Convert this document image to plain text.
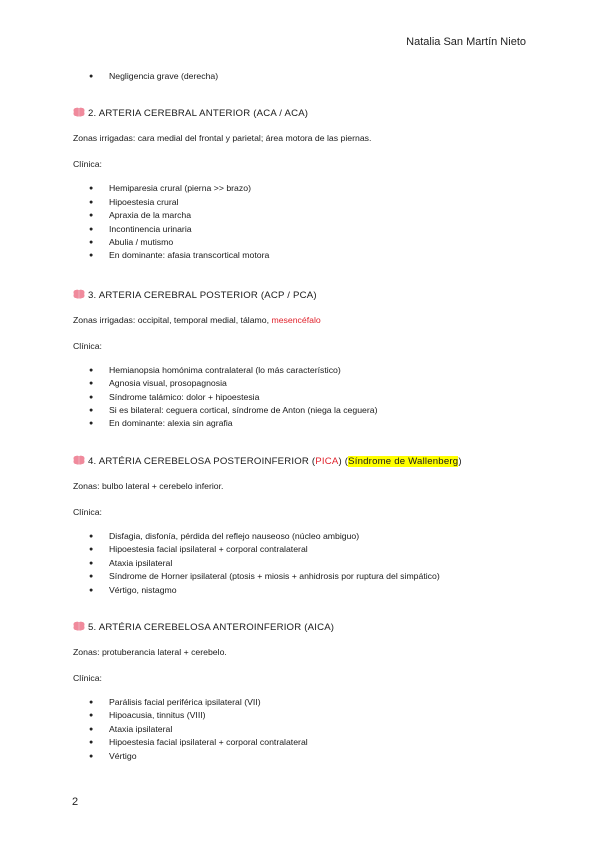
Natalia San Martín Nieto
● Negligencia grave (derecha)

2. ARTERIA CEREBRAL ANTERIOR (ACA / ACA)

Zonas irrigadas: cara medial del frontal y parietal; área motora de las piernas.

Clínica:

● Hemiparesia crural (pierna >> brazo)
● Hipoestesia crural
● Apraxia de la marcha
● Incontinencia urinaria
● Abulia / mutismo
● En dominante: afasia transcortical motora

3. ARTERIA CEREBRAL POSTERIOR (ACP / PCA)

Zonas irrigadas: occipital, temporal medial, tálamo, mesencéfalo

Clínica:

● Hemianopsia homónima contralateral (lo más característico)
● Agnosia visual, prosopagnosia
● Síndrome talámico: dolor + hipoestesia
● Si es bilateral: ceguera cortical, síndrome de Anton (niega la ceguera)
● En dominante: alexia sin agrafia

4. ARTÉRIA CEREBELOSA POSTEROINFERIOR (PICA) (Síndrome de Wallenberg)

Zonas: bulbo lateral + cerebelo inferior.

Clínica:

● Disfagia, disfonía, pérdida del reflejo nauseoso (núcleo ambiguo)
● Hipoestesia facial ipsilateral + corporal contralateral
● Ataxia ipsilateral
● Síndrome de Horner ipsilateral (ptosis + miosis + anhidrosis por ruptura del simpático)
● Vértigo, nistagmo

5. ARTÉRIA CEREBELOSA ANTEROINFERIOR (AICA)

Zonas: protuberancia lateral + cerebelo.

Clínica:

● Parálisis facial periférica ipsilateral (VII)
● Hipoacusia, tinnitus (VIII)
● Ataxia ipsilateral
● Hipoestesia facial ipsilateral + corporal contralateral
● Vértigo
2
